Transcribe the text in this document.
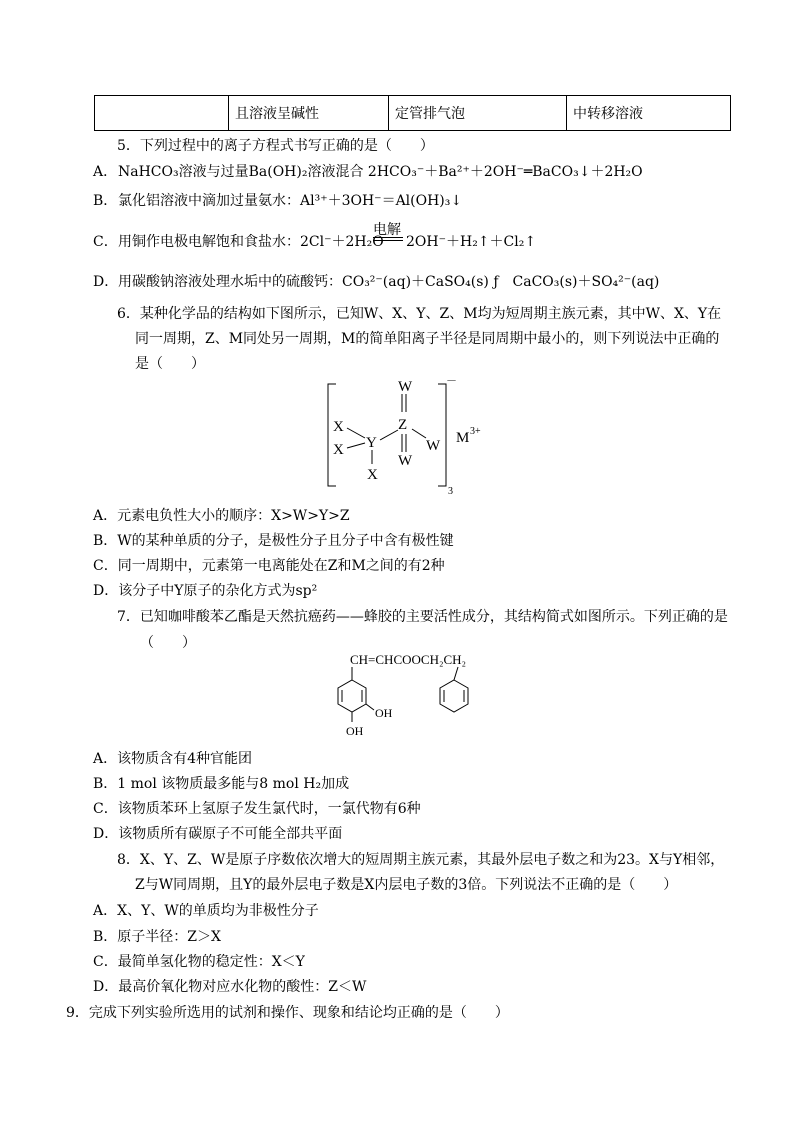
	且溶液呈碱性	定管排气泡	中转移溶液
5．下列过程中的离子方程式书写正确的是（　　）
A． NaHCO₃溶液与过量Ba(OH)₂溶液混合 2HCO₃⁻＋Ba²⁺＋2OH⁻═BaCO₃↓＋2H₂O
B． 氯化铝溶液中滴加过量氨水：Al³⁺＋3OH⁻＝Al(OH)₃↓
C． 用铜作电极电解饱和食盐水：2Cl⁻＋2H₂O
电解
2OH⁻＋H₂↑＋Cl₂↑
D． 用碳酸钠溶液处理水垢中的硫酸钙：CO₃²⁻(aq)＋CaSO₄(s) ƒ　CaCO₃(s)＋SO₄²⁻(aq)
6．某种化学品的结构如下图所示，已知W、X、Y、Z、M均为短周期主族元素，其中W、X、Y在
同一周期，Z、M同处另一周期，M的简单阳离子半径是同周期中最小的，则下列说法中正确的
是（　　）
W
X
X Y
X
Z
W
W
－
3
M 3+
A．元素电负性大小的顺序：X>W>Y>Z
B．W的某种单质的分子，是极性分子且分子中含有极性键
C．同一周期中，元素第一电离能处在Z和M之间的有2种
D．该分子中Y原子的杂化方式为sp²
7．已知咖啡酸苯乙酯是天然抗癌药——蜂胶的主要活性成分，其结构简式如图所示。下列正确的是
（　　）
CH=CHCOOCH₂CH₂
OH
OH
A．该物质含有4种官能团
B．1 mol 该物质最多能与8 mol H₂加成
C．该物质苯环上氢原子发生氯代时，一氯代物有6种
D．该物质所有碳原子不可能全部共平面
8．X、Y、Z、W是原子序数依次增大的短周期主族元素，其最外层电子数之和为23。X与Y相邻，
Z与W同周期，且Y的最外层电子数是X内层电子数的3倍。下列说法不正确的是（　　）
A．X、Y、W的单质均为非极性分子
B．原子半径：Z＞X
C．最简单氢化物的稳定性：X＜Y
D．最高价氧化物对应水化物的酸性：Z＜W
9．完成下列实验所选用的试剂和操作、现象和结论均正确的是（　　）
